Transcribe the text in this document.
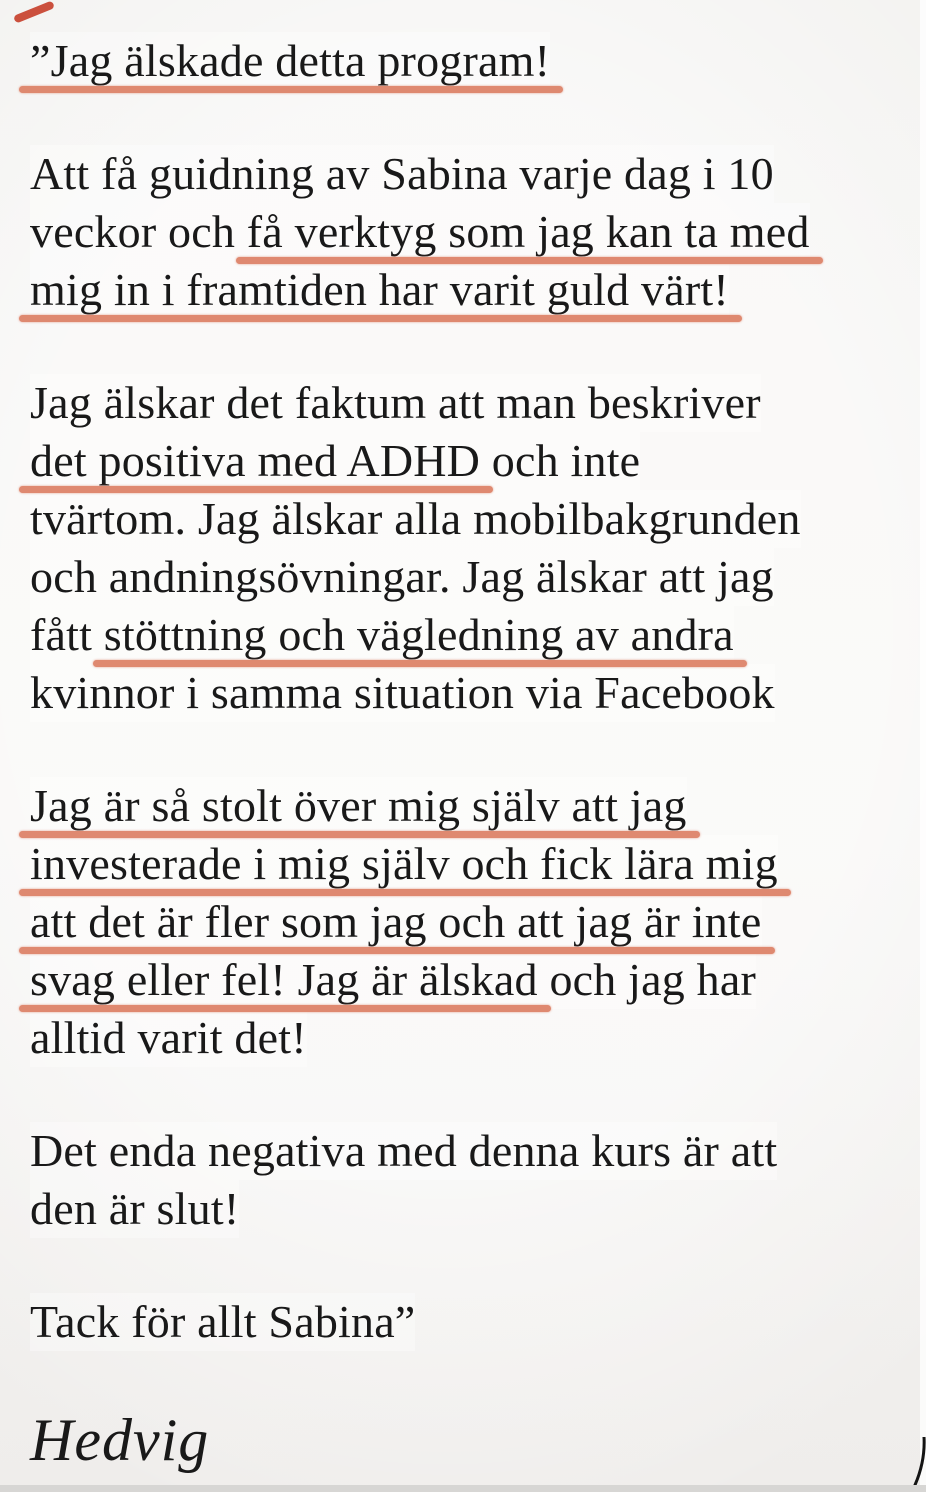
”Jag älskade detta program!
Att få guidning av Sabina varje dag i 10
veckor och få verktyg som jag kan ta med
mig in i framtiden har varit guld värt!
Jag älskar det faktum att man beskriver
det positiva med ADHD och inte
tvärtom. Jag älskar alla mobilbakgrunden
och andningsövningar. Jag älskar att jag
fått stöttning och vägledning av andra
kvinnor i samma situation via Facebook
Jag är så stolt över mig själv att jag
investerade i mig själv och fick lära mig
att det är fler som jag och att jag är inte
svag eller fel! Jag är älskad och jag har
alltid varit det!
Det enda negativa med denna kurs är att
den är slut!
Tack för allt Sabina”
Hedvig
